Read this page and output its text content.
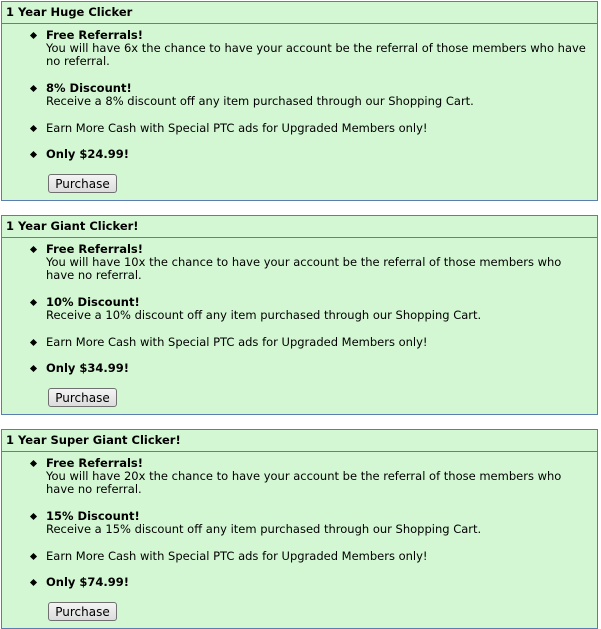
1 Year Huge Clicker
Free Referrals!
You will have 6x the chance to have your account be the referral of those members who have no referral.
8% Discount!
Receive a 8% discount off any item purchased through our Shopping Cart.
Earn More Cash with Special PTC ads for Upgraded Members only!
Only $24.99!
Purchase
1 Year Giant Clicker!
Free Referrals!
You will have 10x the chance to have your account be the referral of those members who have no referral.
10% Discount!
Receive a 10% discount off any item purchased through our Shopping Cart.
Earn More Cash with Special PTC ads for Upgraded Members only!
Only $34.99!
Purchase
1 Year Super Giant Clicker!
Free Referrals!
You will have 20x the chance to have your account be the referral of those members who have no referral.
15% Discount!
Receive a 15% discount off any item purchased through our Shopping Cart.
Earn More Cash with Special PTC ads for Upgraded Members only!
Only $74.99!
Purchase
